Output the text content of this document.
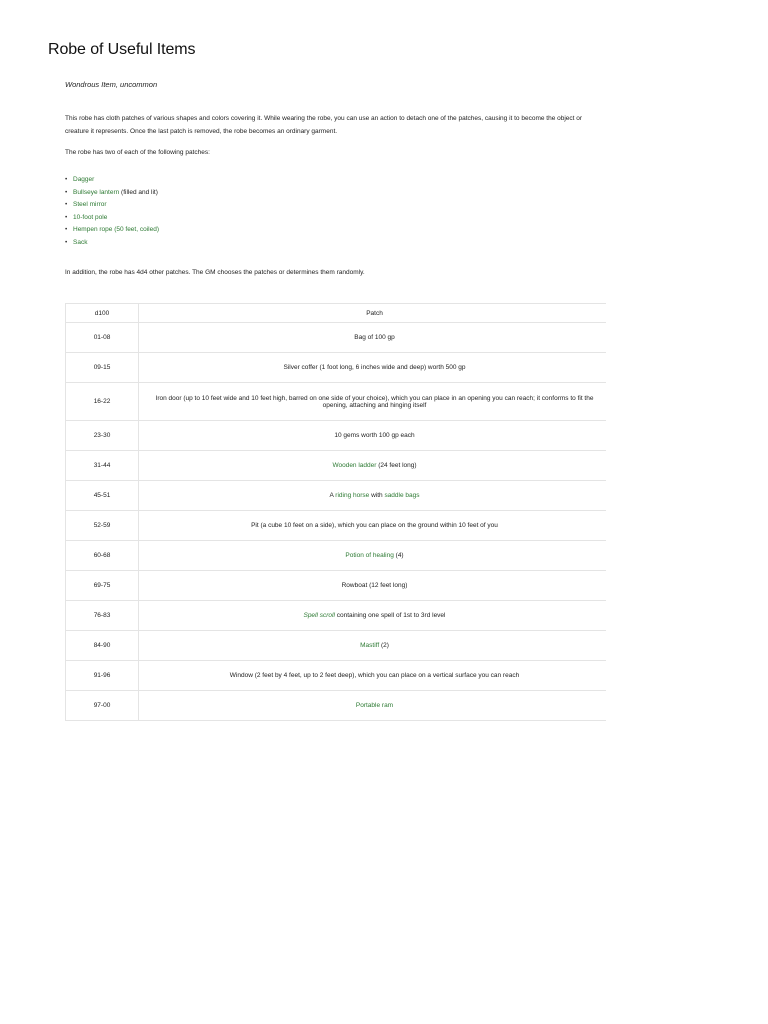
Robe of Useful Items

Wondrous Item, uncommon

This robe has cloth patches of various shapes and colors covering it. While wearing the robe, you can use an action to detach one of the patches, causing it to become the object or creature it represents. Once the last patch is removed, the robe becomes an ordinary garment.

The robe has two of each of the following patches:

• Dagger
• Bullseye lantern (filled and lit)
• Steel mirror
• 10-foot pole
• Hempen rope (50 feet, coiled)
• Sack

In addition, the robe has 4d4 other patches. The GM chooses the patches or determines them randomly.

d100	Patch
01-08	Bag of 100 gp
09-15	Silver coffer (1 foot long, 6 inches wide and deep) worth 500 gp
16-22	Iron door (up to 10 feet wide and 10 feet high, barred on one side of your choice), which you can place in an opening you can reach; it conforms to fit the opening, attaching and hinging itself
23-30	10 gems worth 100 gp each
31-44	Wooden ladder (24 feet long)
45-51	A riding horse with saddle bags
52-59	Pit (a cube 10 feet on a side), which you can place on the ground within 10 feet of you
60-68	Potion of healing (4)
69-75	Rowboat (12 feet long)
76-83	Spell scroll containing one spell of 1st to 3rd level
84-90	Mastiff (2)
91-96	Window (2 feet by 4 feet, up to 2 feet deep), which you can place on a vertical surface you can reach
97-00	Portable ram
